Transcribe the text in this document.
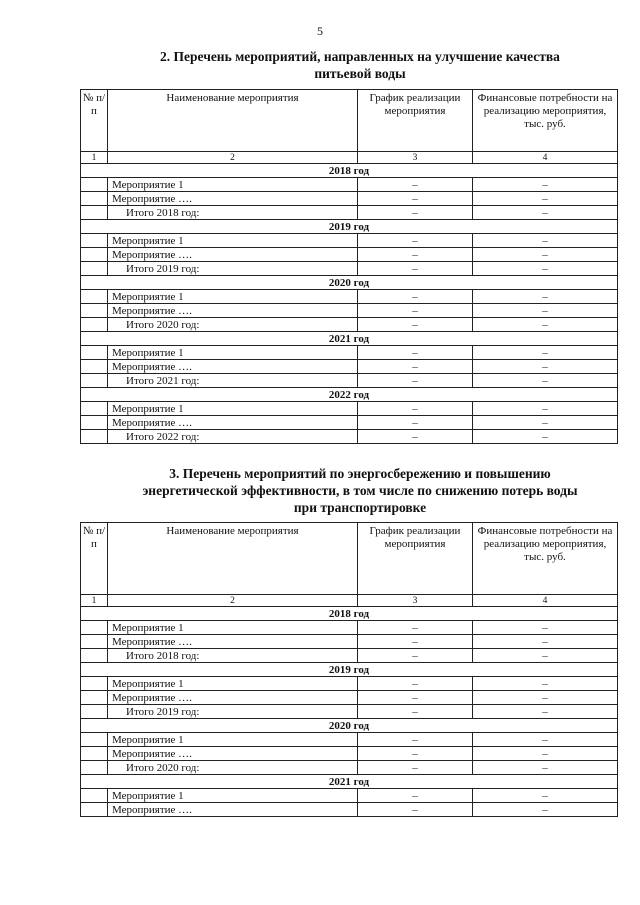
5
2. Перечень мероприятий, направленных на улучшение качества
питьевой воды
№ п/п	Наименование мероприятия	График реализации мероприятия	Финансовые потребности на реализацию мероприятия, тыс. руб.
1	2	3	4
2018 год			
	Мероприятие 1	–	–
	Мероприятие ….	–	–
	Итого 2018 год:	–	–
2019 год			
	Мероприятие 1	–	–
	Мероприятие ….	–	–
	Итого 2019 год:	–	–
2020 год			
	Мероприятие 1	–	–
	Мероприятие ….	–	–
	Итого 2020 год:	–	–
2021 год			
	Мероприятие 1	–	–
	Мероприятие ….	–	–
	Итого 2021 год:	–	–
2022 год			
	Мероприятие 1	–	–
	Мероприятие ….	–	–
	Итого 2022 год:	–	–
3. Перечень мероприятий по энергосбережению и повышению
энергетической эффективности, в том числе по снижению потерь воды
при транспортировке
№ п/п	Наименование мероприятия	График реализации мероприятия	Финансовые потребности на реализацию мероприятия, тыс. руб.
1	2	3	4
2018 год			
	Мероприятие 1	–	–
	Мероприятие ….	–	–
	Итого 2018 год:	–	–
2019 год			
	Мероприятие 1	–	–
	Мероприятие ….	–	–
	Итого 2019 год:	–	–
2020 год			
	Мероприятие 1	–	–
	Мероприятие ….	–	–
	Итого 2020 год:	–	–
2021 год			
	Мероприятие 1	–	–
	Мероприятие ….	–	–
